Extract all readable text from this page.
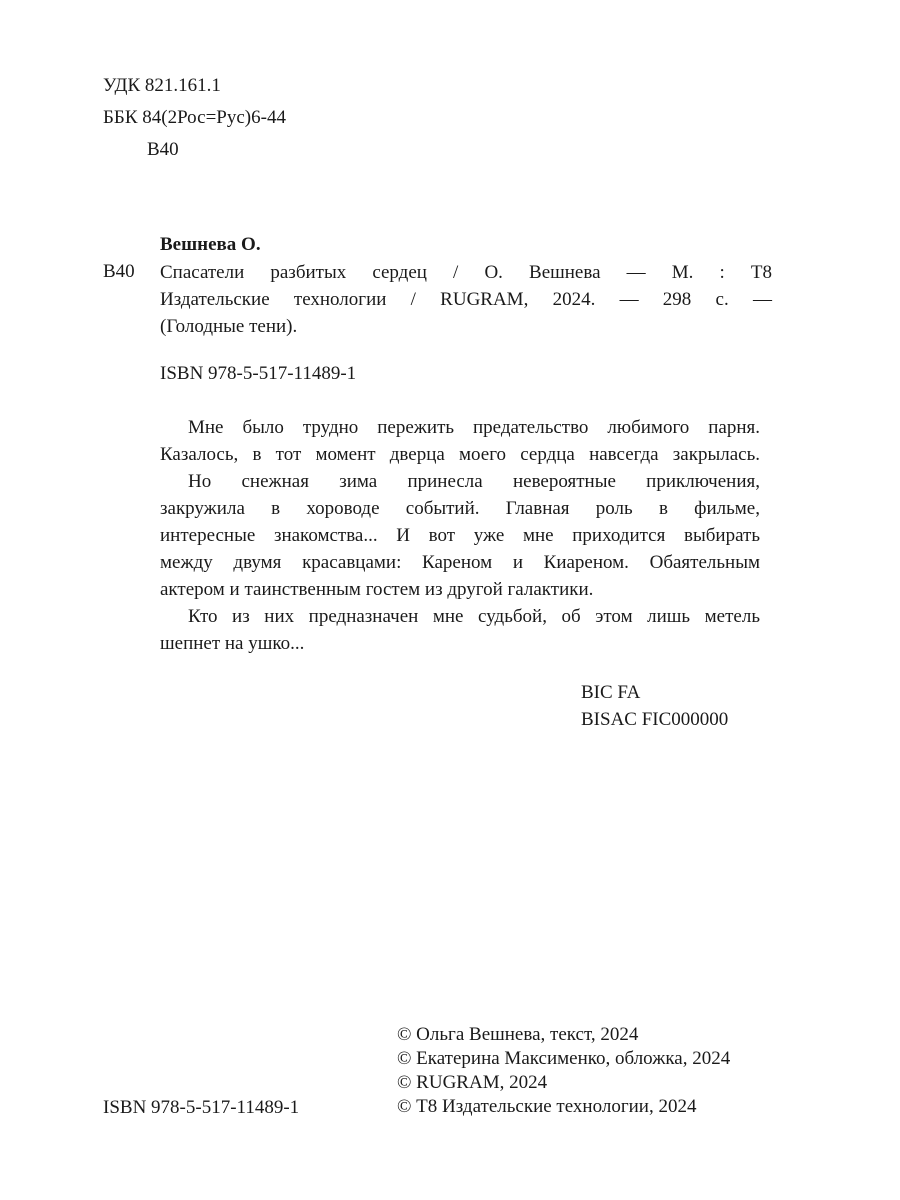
УДК 821.161.1
ББК 84(2Рос=Рус)6-44
В40
Вешнева О.
В40 Спасатели разбитых сердец / О. Вешнева — М. : Т8
Издательские технологии / RUGRAM, 2024. — 298 с. —
(Голодные тени).
ISBN 978-5-517-11489-1
Мне было трудно пережить предательство любимого парня.
Казалось, в тот момент дверца моего сердца навсегда закрылась.
Но снежная зима принесла невероятные приключения,
закружила в хороводе событий. Главная роль в фильме,
интересные знакомства... И вот уже мне приходится выбирать
между двумя красавцами: Кареном и Киареном. Обаятельным
актером и таинственным гостем из другой галактики.
Кто из них предназначен мне судьбой, об этом лишь метель
шепнет на ушко...
BIC FA
BISAC FIC000000
© Ольга Вешнева, текст, 2024
© Екатерина Максименко, обложка, 2024
© RUGRAM, 2024
© Т8 Издательские технологии, 2024
ISBN 978-5-517-11489-1
